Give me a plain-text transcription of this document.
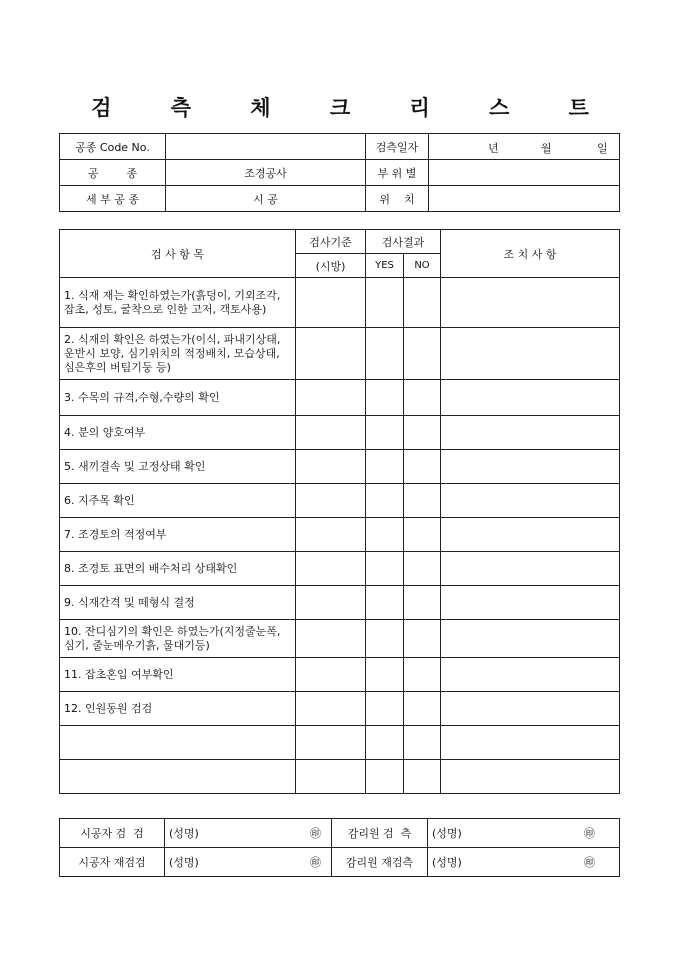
검 측 체 크 리 스 트
공종 Code No.		검측일자	년 월 일

공        종	조경공사	부 위 별	
세 부 공 종	시 공	위    치	
검 사 항 목	검사기준	검사결과		조 치 사 항
	(시방)	YES	NO	
1. 식재 재는 확인하였는가(흙덩이, 기외조각, 잡초, 성토, 굴착으로 인한 고저, 객토사용)				
2. 식재의 확인은 하였는가(이식, 파내기상태, 운반시 보양, 심기위치의 적정배치, 모습상태, 심은후의 버팀기둥 등)				
3. 수목의 규격,수형,수량의 확인				
4. 분의 양호여부				
5. 새끼결속 및 고정상태 확인				
6. 지주목 확인				
7. 조경토의 적정여부				
8. 조경토 표면의 배수처리 상태확인				
9. 식재간격 및 떼형식 결정				
10. 잔디심기의 확인은 하였는가(지정줄눈폭, 심기, 줄눈메우기흙, 물대기등)				
11. 잡초혼입 여부확인				
12. 인원동원 검검				

시공자 검  검	(성명) ㊞	감리원 검  측	(성명) ㊞

시공자 재검검	(성명) ㊞	감리원 재검측	(성명) ㊞
